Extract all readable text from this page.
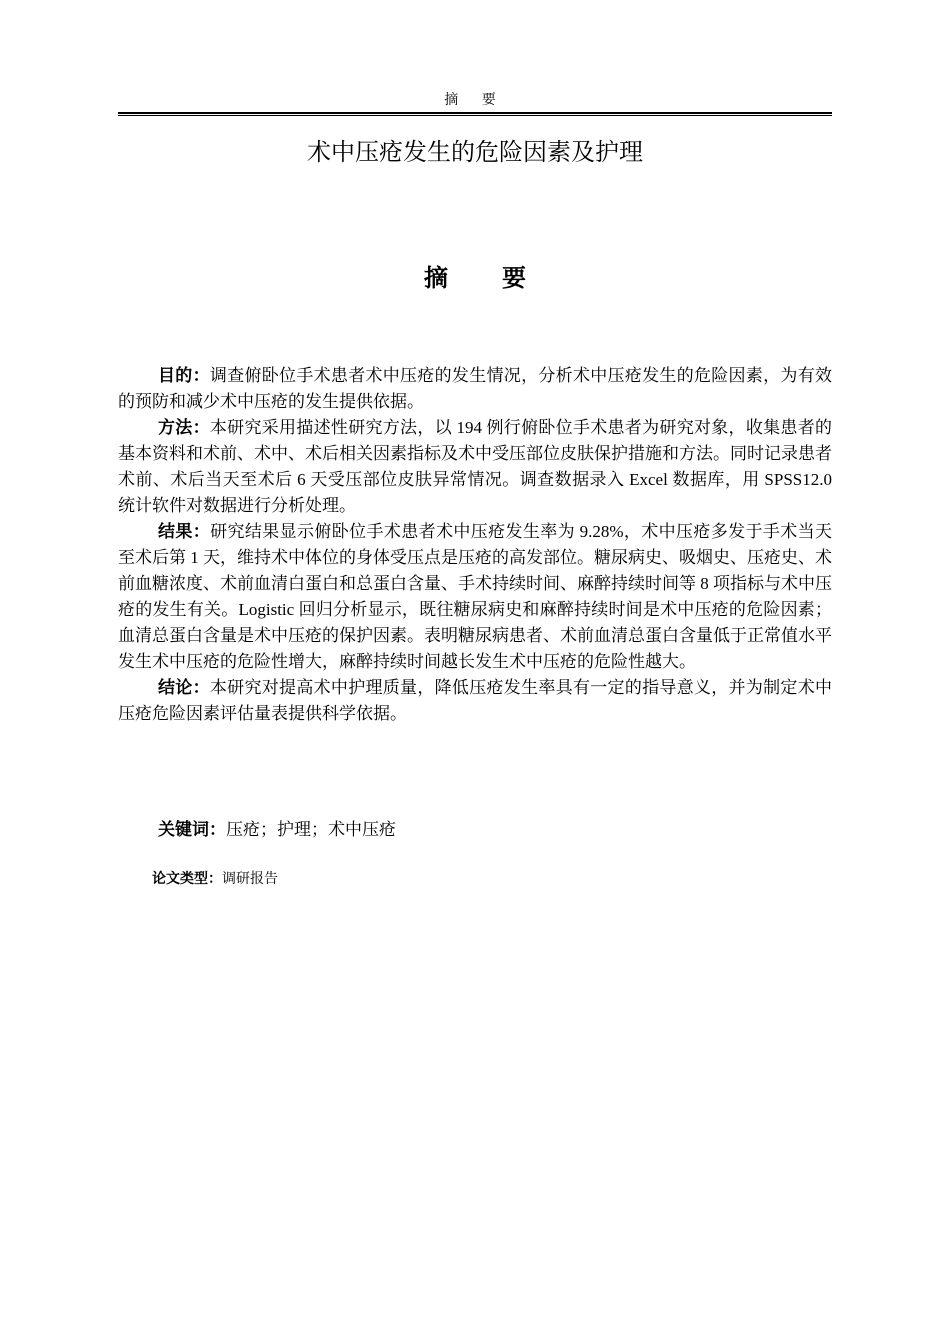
摘 要
术中压疮发生的危险因素及护理
摘 要

目的：调查俯卧位手术患者术中压疮的发生情况，分析术中压疮发生的危险因素，为有效的预防和减少术中压疮的发生提供依据。

方法：本研究采用描述性研究方法，以 194 例行俯卧位手术患者为研究对象，收集患者的基本资料和术前、术中、术后相关因素指标及术中受压部位皮肤保护措施和方法。同时记录患者术前、术后当天至术后 6 天受压部位皮肤异常情况。调查数据录入 Excel 数据库，用 SPSS12.0 统计软件对数据进行分析处理。

结果：研究结果显示俯卧位手术患者术中压疮发生率为 9.28%，术中压疮多发于手术当天至术后第 1 天，维持术中体位的身体受压点是压疮的高发部位。糖尿病史、吸烟史、压疮史、术前血糖浓度、术前血清白蛋白和总蛋白含量、手术持续时间、麻醉持续时间等 8 项指标与术中压疮的发生有关。Logistic 回归分析显示，既往糖尿病史和麻醉持续时间是术中压疮的危险因素；血清总蛋白含量是术中压疮的保护因素。表明糖尿病患者、术前血清总蛋白含量低于正常值水平发生术中压疮的危险性增大，麻醉持续时间越长发生术中压疮的危险性越大。

结论：本研究对提高术中护理质量，降低压疮发生率具有一定的指导意义，并为制定术中压疮危险因素评估量表提供科学依据。

关键词：压疮；护理；术中压疮
论文类型：调研报告
